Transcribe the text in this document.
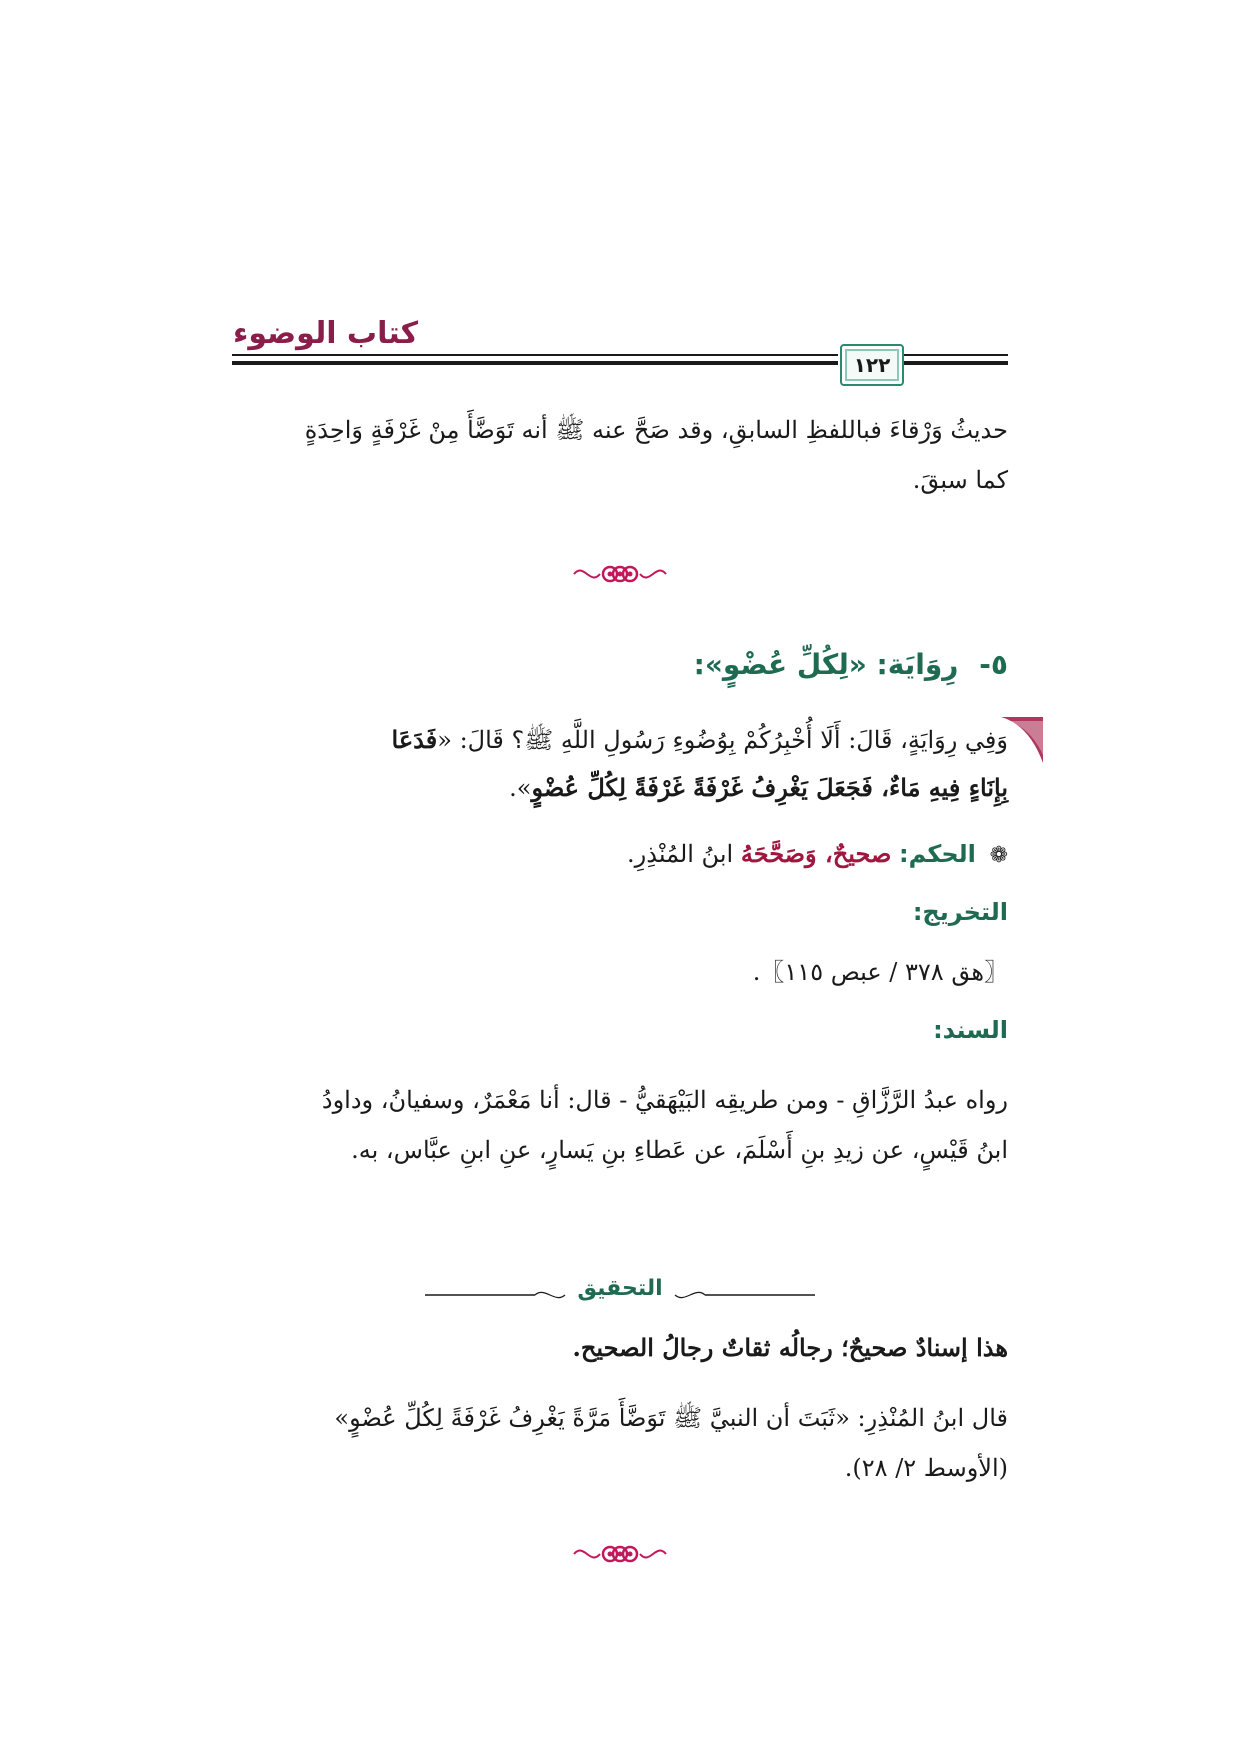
كتاب الوضوء
١٢٢
حديثُ وَرْقاءَ فباللفظِ السابقِ، وقد صَحَّ عنه ﷺ أنه تَوَضَّأَ مِنْ غَرْفَةٍ وَاحِدَةٍ
كما سبقَ.
٥- رِوَايَة: «لِكُلِّ عُضْوٍ»:
وَفِي رِوَايَةٍ، قَالَ: أَلَا أُخْبِرُكُمْ بِوُضُوءِ رَسُولِ اللَّهِ ﷺ؟ قَالَ: «فَدَعَا
بِإِنَاءٍ فِيهِ مَاءٌ، فَجَعَلَ يَغْرِفُ غَرْفَةً غَرْفَةً لِكُلِّ عُضْوٍ».
❁ الحكم: صحيحٌ، وَصَحَّحَهُ ابنُ المُنْذِرِ.
التخريج:
〖هق ٣٧٨ / عبص ١١٥〗.
السند:
رواه عبدُ الرَّزَّاقِ - ومن طريقِه البَيْهَقيُّ - قال: أنا مَعْمَرٌ، وسفيانُ، وداودُ
ابنُ قَيْسٍ، عن زيدِ بنِ أَسْلَمَ، عن عَطاءِ بنِ يَسارٍ، عنِ ابنِ عبَّاس، به.
التحقيق
هذا إسنادٌ صحيحٌ؛ رجالُه ثقاتٌ رجالُ الصحيح.
قال ابنُ المُنْذِرِ: «ثَبَتَ أن النبيَّ ﷺ تَوَضَّأَ مَرَّةً يَغْرِفُ غَرْفَةً لِكُلِّ عُضْوٍ»
(الأوسط ٢/ ٢٨).
